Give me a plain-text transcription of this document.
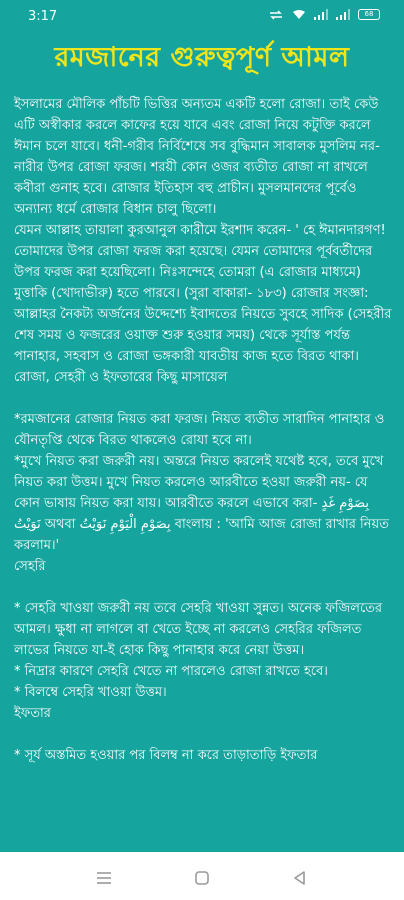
3:17	68
রমজানের গুরুত্বপূর্ণ আমল

ইসলামের মৌলিক পাঁচটি ভিত্তির অন্যতম একটি হলো রোজা। তাই কেউ এটি অস্বীকার করলে কাফের হয়ে যাবে এবং রোজা নিয়ে কটুক্তি করলে ঈমান চলে যাবে। ধনী-গরীব নির্বিশেষে সব বুদ্ধিমান সাবালক মুসলিম নর-নারীর উপর রোজা ফরজ। শরয়ী কোন ওজর ব্যতীত রোজা না রাখলে কবীরা গুনাহ হবে। রোজার ইতিহাস বহু প্রাচীন। মুসলমানদের পূর্বেও অন্যান্য ধর্মে রোজার বিধান চালু ছিলো।

যেমন আল্লাহ তায়ালা কুরআনুল কারীমে ইরশাদ করেন- ' হে ঈমানদারগণ! তোমাদের উপর রোজা ফরজ করা হয়েছে। যেমন তোমাদের পূর্ববর্তীদের উপর ফরজ করা হয়েছিলো। নিঃসন্দেহে তোমরা (এ রোজার মাধ্যমে) মুত্তাকি (খোদাভীরু) হতে পারবে। (সুরা বাকারা- ১৮৩) রোজার সংজ্ঞা:

আল্লাহর নৈকট্য অর্জনের উদ্দেশ্যে ইবাদতের নিয়তে সুবহে সাদিক (সেহরীর শেষ সময় ও ফজরের ওয়াক্ত শুরু হওয়ার সময়) থেকে সূর্যাস্ত পর্যন্ত পানাহার, সহবাস ও রোজা ভঙ্গকারী যাবতীয় কাজ হতে বিরত থাকা।

রোজা, সেহরী ও ইফতারের কিছু মাসায়েল

*রমজানের রোজার নিয়ত করা ফরজ। নিয়ত ব্যতীত সারাদিন পানাহার ও যৌনতৃপ্তি থেকে বিরত থাকলেও রোযা হবে না।

*মুখে নিয়ত করা জরুরী নয়। অন্তরে নিয়ত করলেই যথেষ্ট হবে, তবে মুখে নিয়ত করা উত্তম। মুখে নিয়ত করলেও আরবীতে হওয়া জরুরী নয়- যে কোন ভাষায় নিয়ত করা যায়। আরবীতে করলে এভাবে করা- بِصَوْمِ غَدٍ نَوَيْتُ অথবা بِصَوْمِ الْيَوْمِ نَوَيْتُ বাংলায় : 'আমি আজ রোজা রাখার নিয়ত করলাম।'

সেহরি

* সেহরি খাওয়া জরুরী নয় তবে সেহরি খাওয়া সুন্নত। অনেক ফজিলতের আমল। ক্ষুধা না লাগলে বা খেতে ইচ্ছে না করলেও সেহরির ফজিলত লাভের নিয়তে যা-ই হোক কিছু পানাহার করে নেয়া উত্তম।

* নিদ্রার কারণে সেহরি খেতে না পারলেও রোজা রাখতে হবে।

* বিলম্বে সেহরি খাওয়া উত্তম।

ইফতার

* সূর্য অস্তমিত হওয়ার পর বিলম্ব না করে তাড়াতাড়ি ইফতার
